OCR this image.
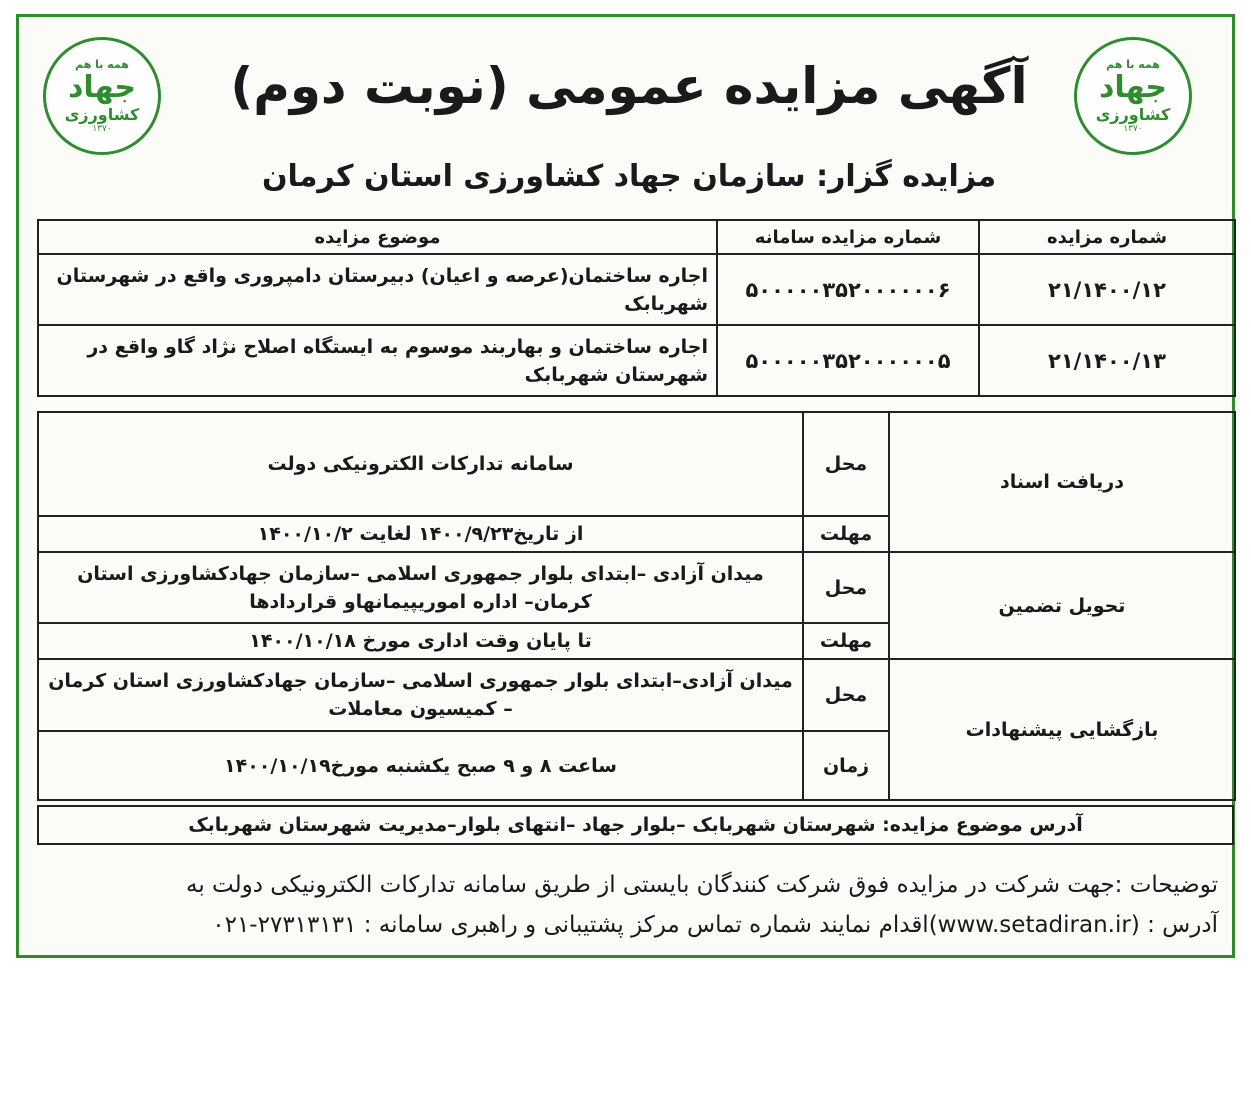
همه با هم
جهاد
کشاورزی
۱۳۷۰
همه با هم
جهاد
کشاورزی
۱۳۷۰
آگهی مزایده عمومی (نوبت دوم)
مزایده گزار: سازمان جهاد کشاورزی استان کرمان
شماره مزایده	شماره مزایده سامانه	موضوع مزایده
۲۱/۱۴۰۰/۱۲	۵۰۰۰۰۰۳۵۲۰۰۰۰۰۰۶	اجاره ساختمان(عرصه و اعیان) دبیرستان دامپروری واقع در شهرستان شهربابک
۲۱/۱۴۰۰/۱۳	۵۰۰۰۰۰۳۵۲۰۰۰۰۰۰۵	اجاره ساختمان و بهاربند موسوم به ایستگاه اصلاح نژاد گاو واقع در شهرستان شهربابک
دریافت اسناد	محل	سامانه تدارکات الکترونیکی دولت
	مهلت	از تاریخ۱۴۰۰/۹/۲۳ لغایت ۱۴۰۰/۱۰/۲
تحویل تضمین	محل	میدان آزادی –ابتدای بلوار جمهوری اسلامی –سازمان جهادکشاورزی استان کرمان– اداره اموریپیمانهاو قراردادها
	مهلت	تا پایان وقت اداری مورخ ۱۴۰۰/۱۰/۱۸
بازگشایی پیشنهادات	محل	میدان آزادی–ابتدای بلوار جمهوری اسلامی –سازمان جهادکشاورزی استان کرمان – کمیسیون معاملات
	زمان	ساعت ۸ و ۹ صبح یکشنبه مورخ۱۴۰۰/۱۰/۱۹
آدرس موضوع مزایده: شهرستان شهربابک –بلوار جهاد –انتهای بلوار–مدیریت شهرستان شهربابک
توضیحات :جهت شرکت در مزایده فوق شرکت کنندگان بایستی از طریق سامانه تدارکات الکترونیکی دولت به
آدرس : (www.setadiran.ir)اقدام نمایند شماره تماس مرکز پشتیبانی و راهبری سامانه : ۲۷۳۱۳۱۳۱-۰۲۱
